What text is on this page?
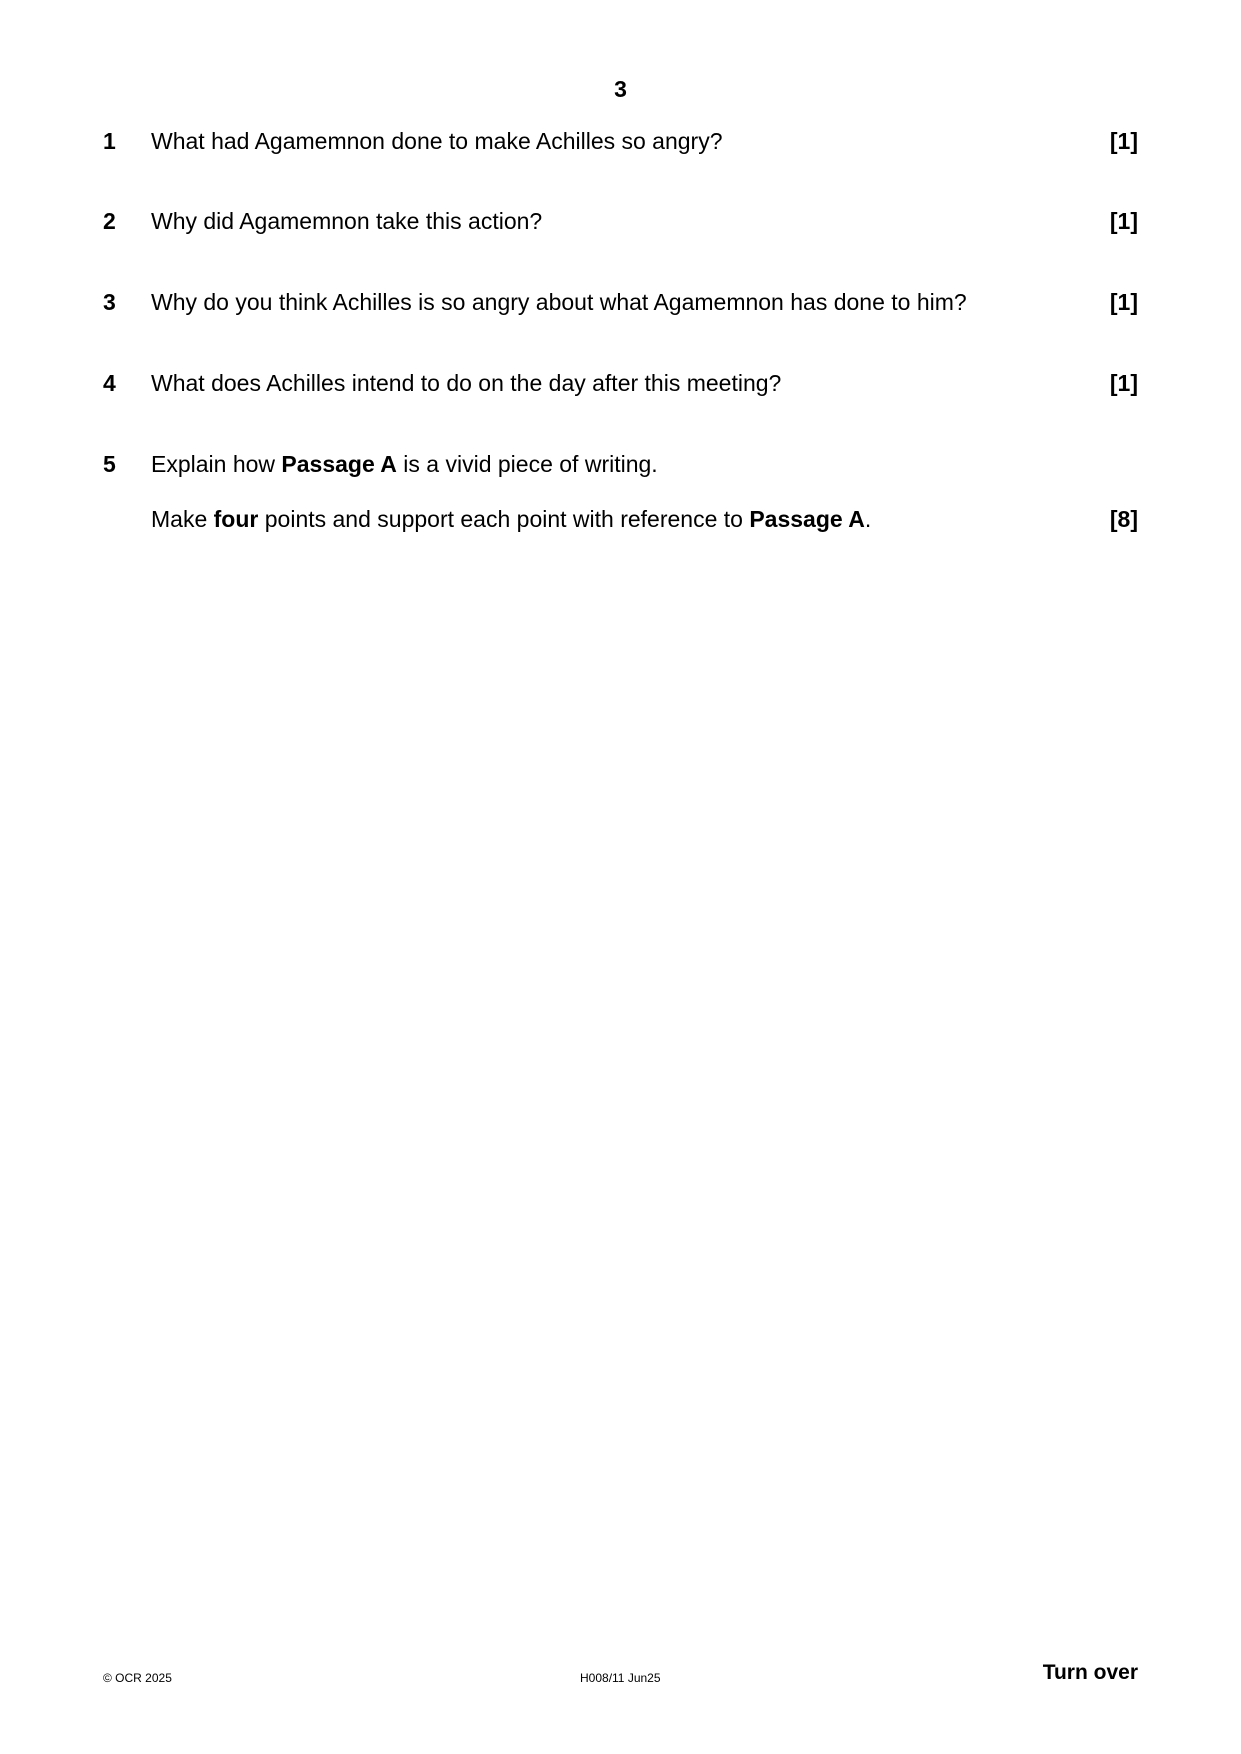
3
1 What had Agamemnon done to make Achilles so angry?	[1]
2 Why did Agamemnon take this action?	[1]
3 Why do you think Achilles is so angry about what Agamemnon has done to him?	[1]
4 What does Achilles intend to do on the day after this meeting?	[1]
5 Explain how Passage A is a vivid piece of writing.
Make four points and support each point with reference to Passage A.	[8]
© OCR 2025	H008/11 Jun25	Turn over
